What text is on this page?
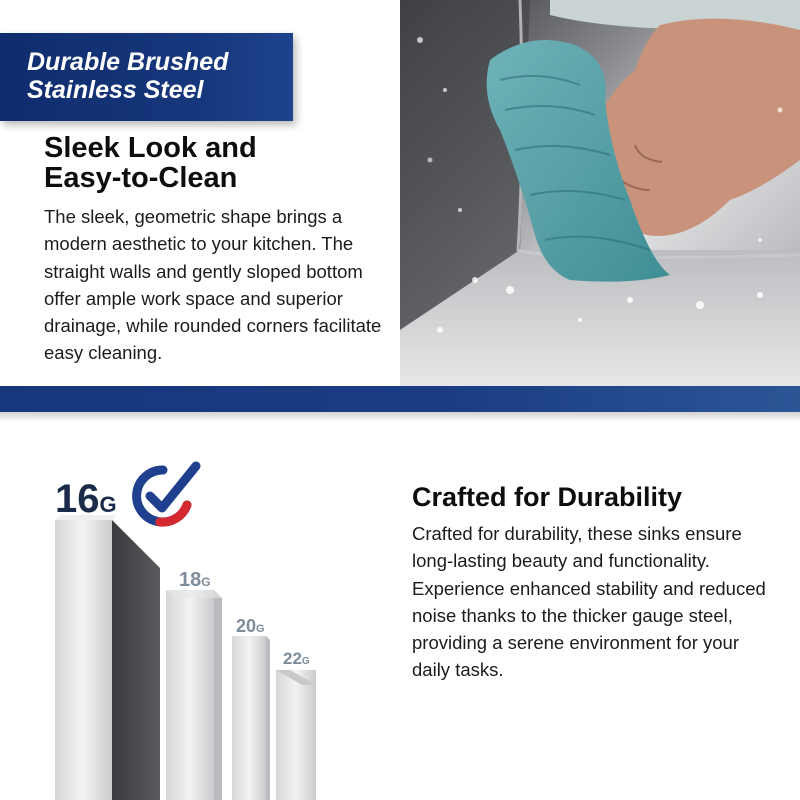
Durable Brushed
Stainless Steel
Sleek Look and
Easy-to-Clean

The sleek, geometric shape brings a modern aesthetic to your kitchen. The straight walls and gently sloped bottom offer ample work space and superior drainage, while rounded corners facilitate easy cleaning.

16G
18G
20G
22G
Crafted for Durability

Crafted for durability, these sinks ensure long-lasting beauty and functionality. Experience enhanced stability and reduced noise thanks to the thicker gauge steel, providing a serene environment for your daily tasks.
